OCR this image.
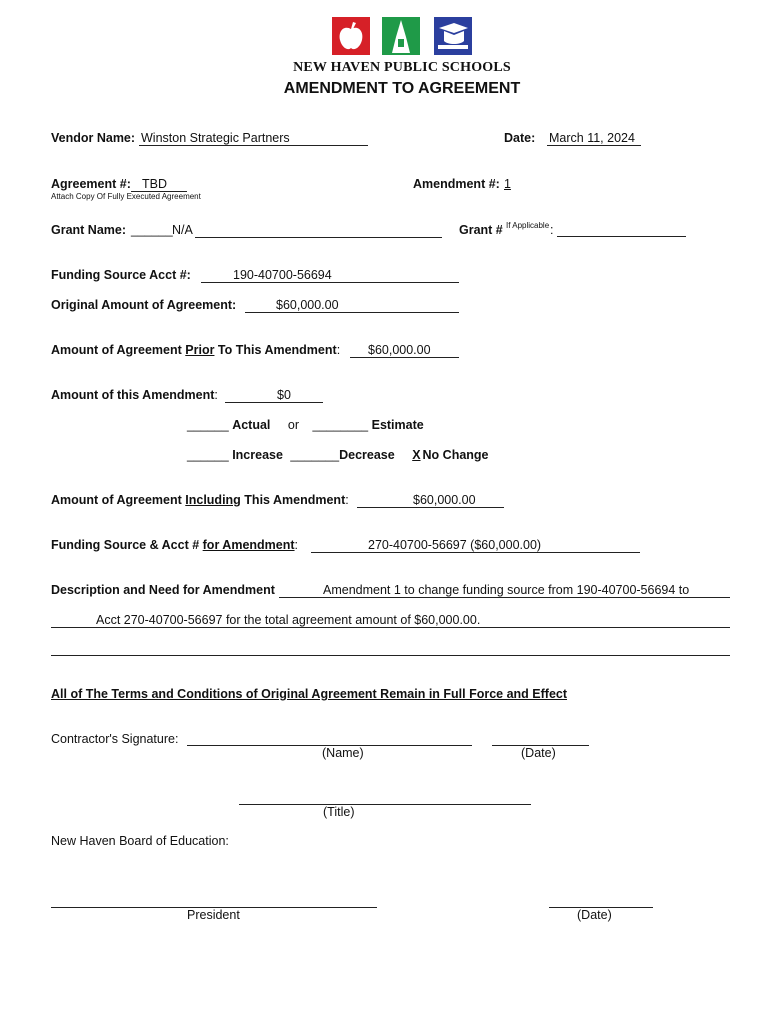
NEW HAVEN PUBLIC SCHOOLS
AMENDMENT TO AGREEMENT
Vendor Name: Winston Strategic Partners	Date: March 11, 2024
Agreement #: TBD
Attach Copy Of Fully Executed Agreement
Amendment #: 1
Grant Name: ______ N/A	Grant # If Applicable :
Funding Source Acct #:	190-40700-56694
Original Amount of Agreement:	$60,000.00
Amount of Agreement Prior To This Amendment: $60,000.00
Amount of this Amendment:	$0
______ Actual or ________ Estimate
______ Increase _______Decrease X No Change
Amount of Agreement Including This Amendment:	$60,000.00
Funding Source & Acct # for Amendment:	270-40700-56697 ($60,000.00)
Description and Need for Amendment	Amendment 1 to change funding source from 190-40700-56694 to
Acct 270-40700-56697 for the total agreement amount of $60,000.00.
All of The Terms and Conditions of Original Agreement Remain in Full Force and Effect
Contractor's Signature:
(Name)	(Date)
(Title)
New Haven Board of Education:
President	(Date)
